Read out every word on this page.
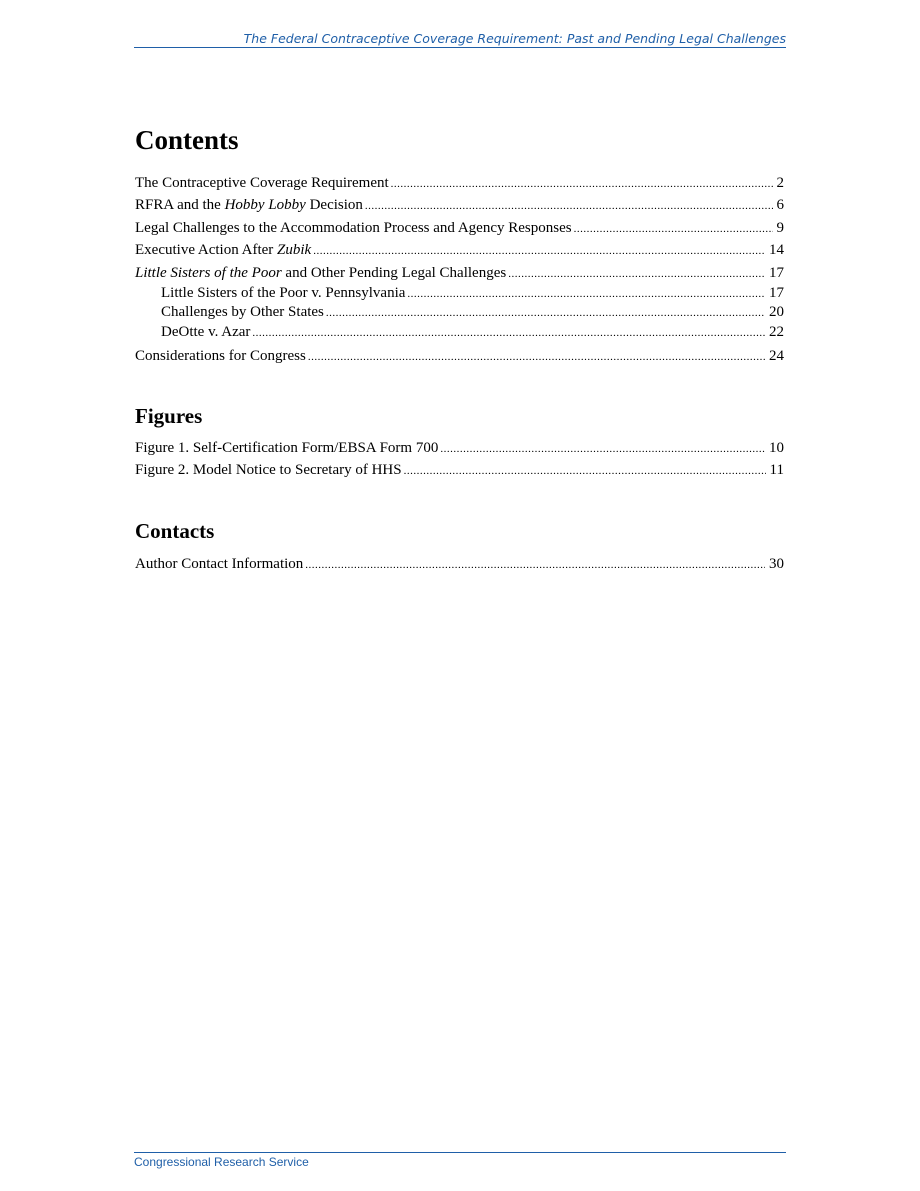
The Federal Contraceptive Coverage Requirement: Past and Pending Legal Challenges
Contents
The Contraceptive Coverage Requirement .....	2
RFRA and the Hobby Lobby Decision .....	6
Legal Challenges to the Accommodation Process and Agency Responses .....	9
Executive Action After Zubik .....	14
Little Sisters of the Poor and Other Pending Legal Challenges .....	17
Little Sisters of the Poor v. Pennsylvania .....	17
Challenges by Other States .....	20
DeOtte v. Azar .....	22
Considerations for Congress .....	24
Figures
Figure 1. Self-Certification Form/EBSA Form 700 .....	10
Figure 2. Model Notice to Secretary of HHS .....	11
Contacts
Author Contact Information .....	30
Congressional Research Service
